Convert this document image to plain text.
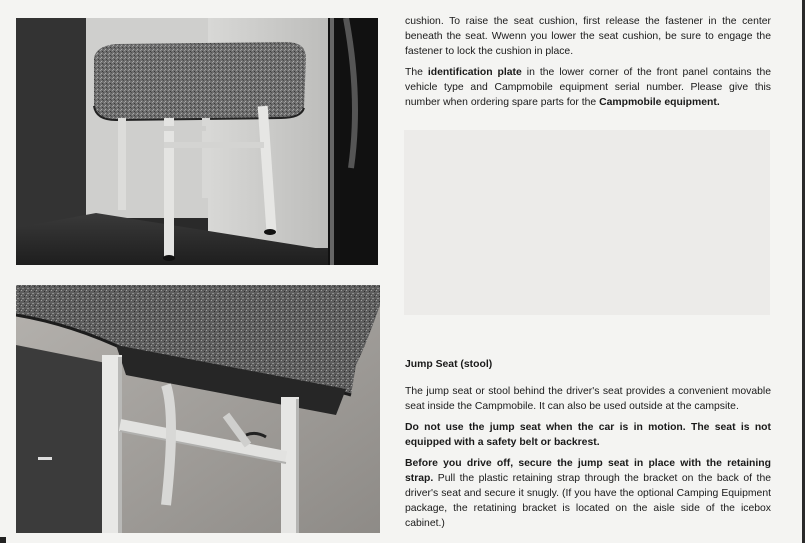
cushion. To raise the seat cushion, first release the fastener in the center beneath the seat. Wwenn you lower the seat cushion, be sure to engage the fastener to lock the cushion in place.

The identification plate in the lower corner of the front panel contains the vehicle type and Campmobile equipment serial number. Please give this number when ordering spare parts for the Campmobile equipment.

Jump Seat (stool)

The jump seat or stool behind the driver's seat provides a convenient movable seat inside the Campmobile. It can also be used outside at the campsite.

Do not use the jump seat when the car is in motion. The seat is not equipped with a safety belt or backrest.

Before you drive off, secure the jump seat in place with the retaining strap. Pull the plastic retaining strap through the bracket on the back of the driver's seat and secure it snugly. (If you have the optional Camping Equipment package, the retatining bracket is located on the aisle side of the icebox cabinet.)
